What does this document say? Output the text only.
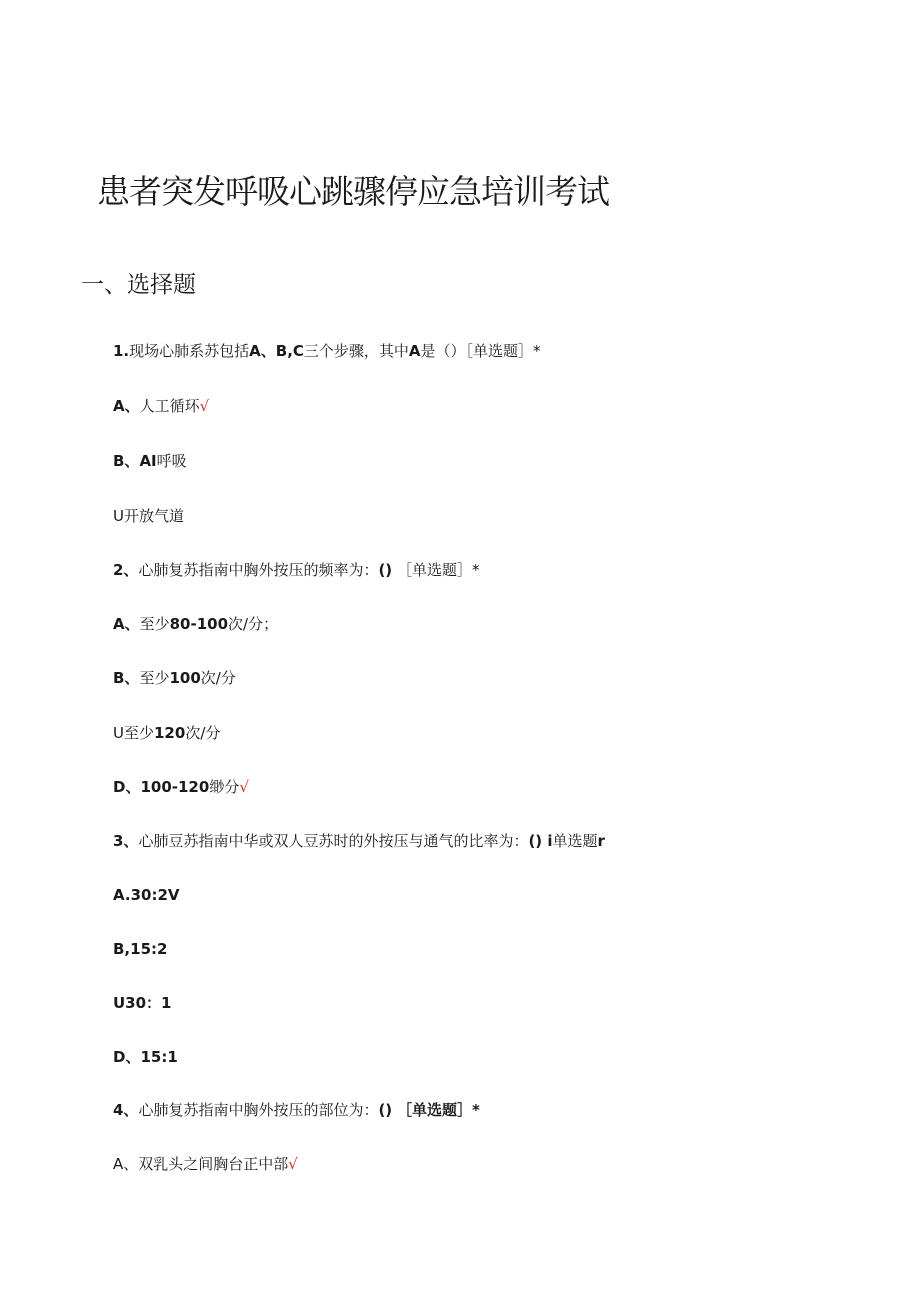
患者突发呼吸心跳骤停应急培训考试
一、选择题
1.现场心肺系苏包括A、B,C三个步骤，其中A是（）［单选题］*
A、人工循环√
B、AI呼吸
U开放气道
2、心肺复苏指南中胸外按压的频率为：() ［单选题］*
A、至少80-100次/分；
B、至少100次/分
U至少120次/分
D、100-120缈分√
3、心肺豆苏指南中华或双人豆苏时的外按压与通气的比率为：() i单选题r
A.30:2V
B,15:2
U30：1
D、15:1
4、心肺复苏指南中胸外按压的部位为：() ［单选题］*
A、双乳头之间胸台正中部√
